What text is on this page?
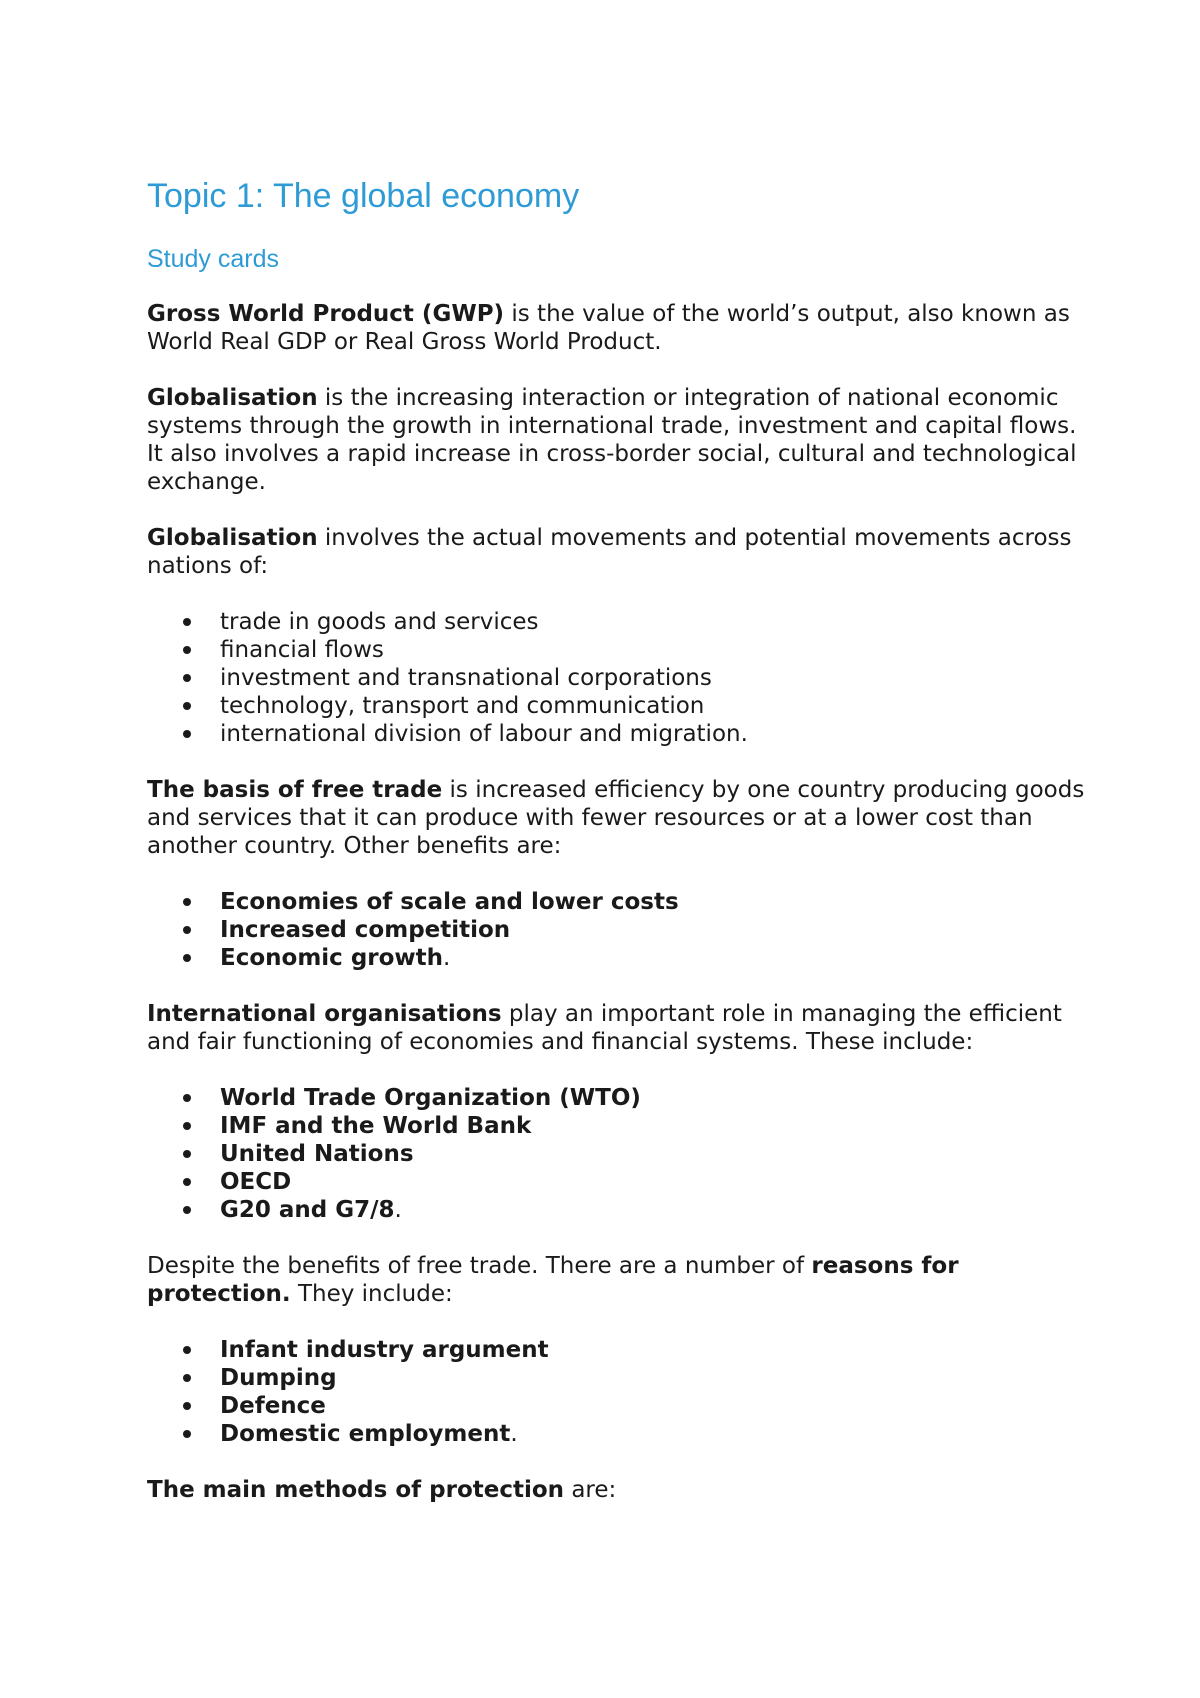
Topic 1: The global economy
Study cards

Gross World Product (GWP) is the value of the world’s output, also known as World Real GDP or Real Gross World Product.

Globalisation is the increasing interaction or integration of national economic systems through the growth in international trade, investment and capital flows. It also involves a rapid increase in cross-border social, cultural and technological exchange.

Globalisation involves the actual movements and potential movements across nations of:

trade in goods and services
financial flows
investment and transnational corporations
technology, transport and communication
international division of labour and migration.

The basis of free trade is increased efficiency by one country producing goods and services that it can produce with fewer resources or at a lower cost than another country. Other benefits are:

Economies of scale and lower costs
Increased competition
Economic growth.

International organisations play an important role in managing the efficient and fair functioning of economies and financial systems. These include:

World Trade Organization (WTO)
IMF and the World Bank
United Nations
OECD
G20 and G7/8.

Despite the benefits of free trade. There are a number of reasons for protection. They include:

Infant industry argument
Dumping
Defence
Domestic employment.

The main methods of protection are:
